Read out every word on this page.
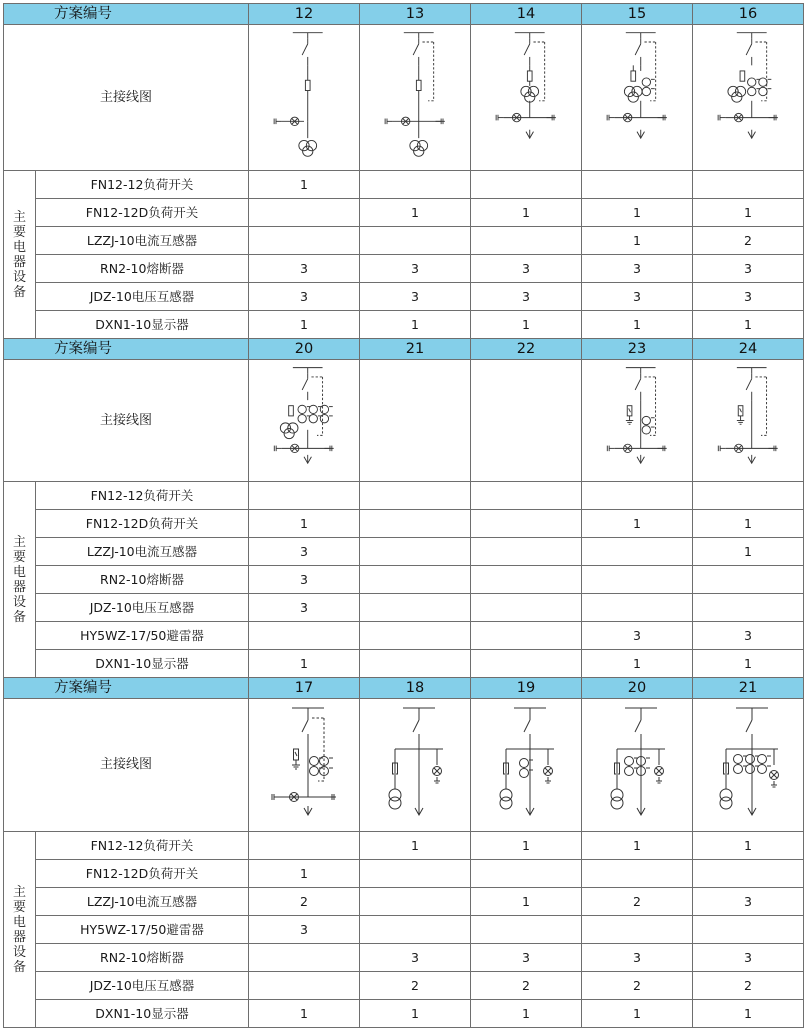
方案编号		12	13	14	15	16
主接线图	

主要电器设备	FN12-12负荷开关	1				
	FN12-12D负荷开关		1	1	1	1
	LZZJ-10电流互感器				1	2
	RN2-10熔断器	3	3	3	3	3
	JDZ-10电压互感器	3	3	3	3	3
	DXN1-10显示器	1	1	1	1	1
方案编号		20	21	22	23	24
主接线图	

主要电器设备	FN12-12负荷开关					
	FN12-12D负荷开关	1			1	1
	LZZJ-10电流互感器	3				1
	RN2-10熔断器	3				
	JDZ-10电压互感器	3				
	HY5WZ-17/50避雷器				3	3
	DXN1-10显示器	1			1	1
方案编号		17	18	19	20	21
主接线图	

主要电器设备	FN12-12负荷开关		1	1	1	1
	FN12-12D负荷开关	1				
	LZZJ-10电流互感器	2		1	2	3
	HY5WZ-17/50避雷器	3				
	RN2-10熔断器		3	3	3	3
	JDZ-10电压互感器		2	2	2	2
	DXN1-10显示器	1	1	1	1	1
